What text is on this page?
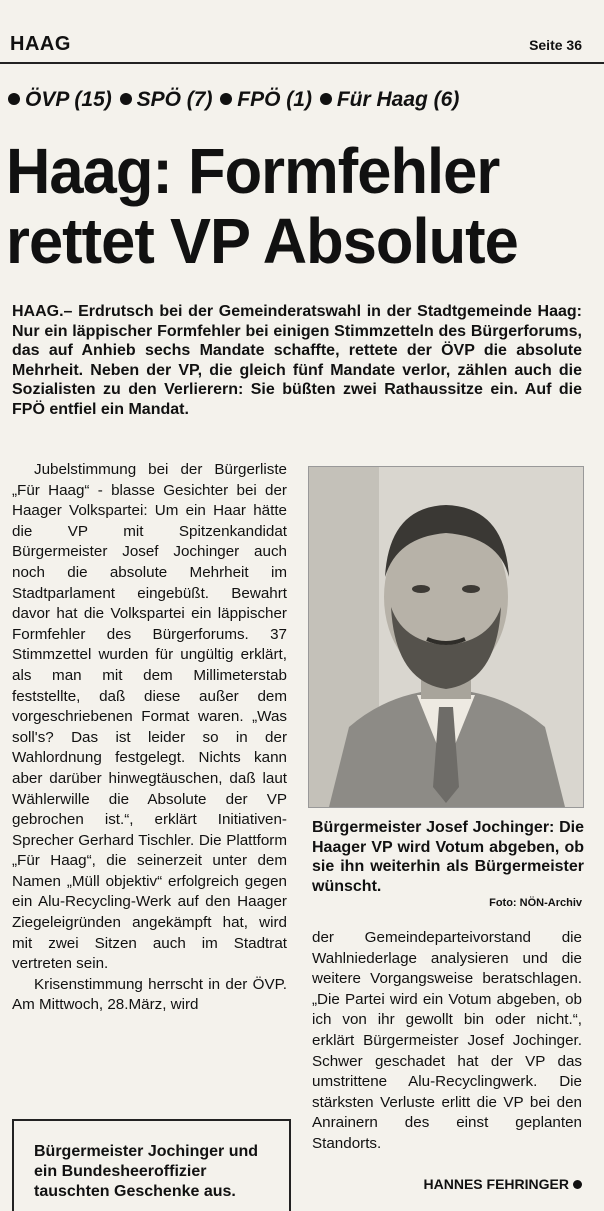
HAAG	Seite 36
ÖVP (15) SPÖ (7) FPÖ (1) Für Haag (6)
Haag: Formfehler
rettet VP Absolute
HAAG.– Erdrutsch bei der Gemeinderatswahl in der Stadtgemeinde Haag: Nur ein läppischer Formfehler bei einigen Stimmzetteln des Bürgerforums, das auf Anhieb sechs Mandate schaffte, rettete der ÖVP die absolute Mehrheit. Neben der VP, die gleich fünf Mandate verlor, zählen auch die Sozialisten zu den Verlierern: Sie büßten zwei Rathaussitze ein. Auf die FPÖ entfiel ein Mandat.

Jubelstimmung bei der Bürgerliste „Für Haag“ - blasse Gesichter bei der Haager Volkspartei: Um ein Haar hätte die VP mit Spitzenkandidat Bürgermeister Josef Jochinger auch noch die absolute Mehrheit im Stadtparlament eingebüßt. Bewahrt davor hat die Volkspartei ein läppischer Formfehler des Bürgerforums. 37 Stimmzettel wurden für ungültig erklärt, als man mit dem Millimeterstab feststellte, daß diese außer dem vorgeschriebenen Format waren. „Was soll's? Das ist leider so in der Wahlordnung festgelegt. Nichts kann aber darüber hinwegtäuschen, daß laut Wählerwille die Absolute der VP gebrochen ist.“, erklärt Initiativen-Sprecher Gerhard Tischler. Die Plattform „Für Haag“, die seinerzeit unter dem Namen „Müll objektiv“ erfolgreich gegen ein Alu-Recycling-Werk auf den Haager Ziegeleigründen angekämpft hat, wird mit zwei Sitzen auch im Stadtrat vertreten sein.

Krisenstimmung herrscht in der ÖVP. Am Mittwoch, 28.März, wird

Bürgermeister Josef Jochinger: Die Haager VP wird Votum abgeben, ob sie ihn weiterhin als Bürgermeister wünscht.
Foto: NÖN-Archiv

der Gemeindeparteivorstand die Wahlniederlage analysieren und die weitere Vorgangsweise beratschlagen. „Die Partei wird ein Votum abgeben, ob ich von ihr gewollt bin oder nicht.“, erklärt Bürgermeister Josef Jochinger. Schwer geschadet hat der VP das umstrittene Alu-Recyclingwerk. Die stärksten Verluste erlitt die VP bei den Anrainern des einst geplanten Standorts.

HANNES FEHRINGER
Bürgermeister Jochinger und ein Bundesheeroffizier tauschten Geschenke aus.
